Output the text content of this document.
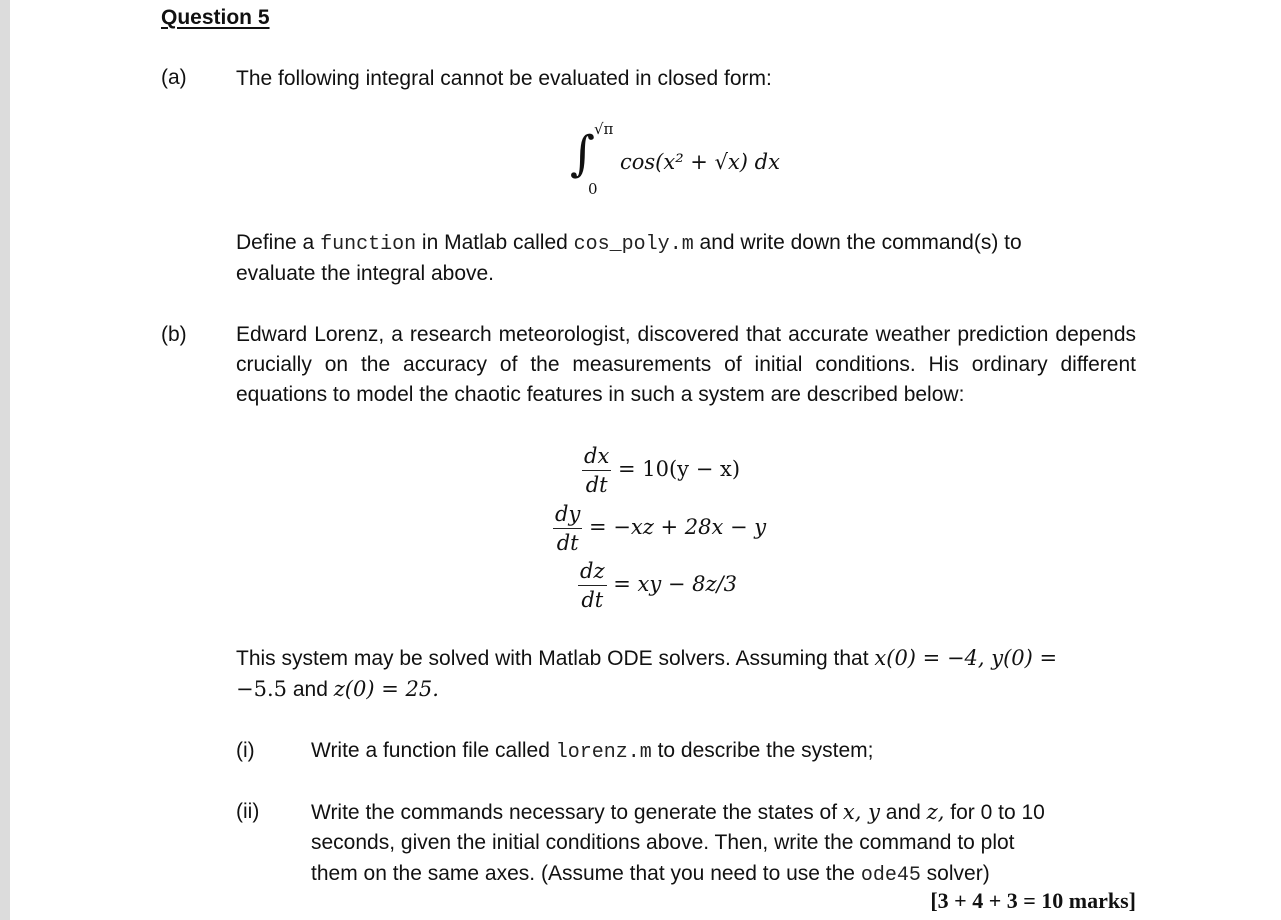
Question 5
(a) The following integral cannot be evaluated in closed form:
∫
√π
0
cos(x² + √x) dx
Define a function in Matlab called cos_poly.m and write down the command(s) to
evaluate the integral above.
(b) Edward Lorenz, a research meteorologist, discovered that accurate weather prediction depends crucially on the accuracy of the measurements of initial conditions. His ordinary different equations to model the chaotic features in such a system are described below:
$\frac{dx}{dt} = 10(y - x)$
$\frac{dy}{dt} = -xz + 28x - y$
$\frac{dz}{dt}$ = xy − 8z/3
This system may be solved with Matlab ODE solvers. Assuming that x(0) = −4, y(0) =
−5.5 and z(0) = 25.
(i)	Write a function file called lorenz.m to describe the system;
(ii) Write the commands necessary to generate the states of x, y and z, for 0 to 10
seconds, given the initial conditions above. Then, write the command to plot
them on the same axes. (Assume that you need to use the ode45 solver)
[3 + 4 + 3 = 10 marks]
